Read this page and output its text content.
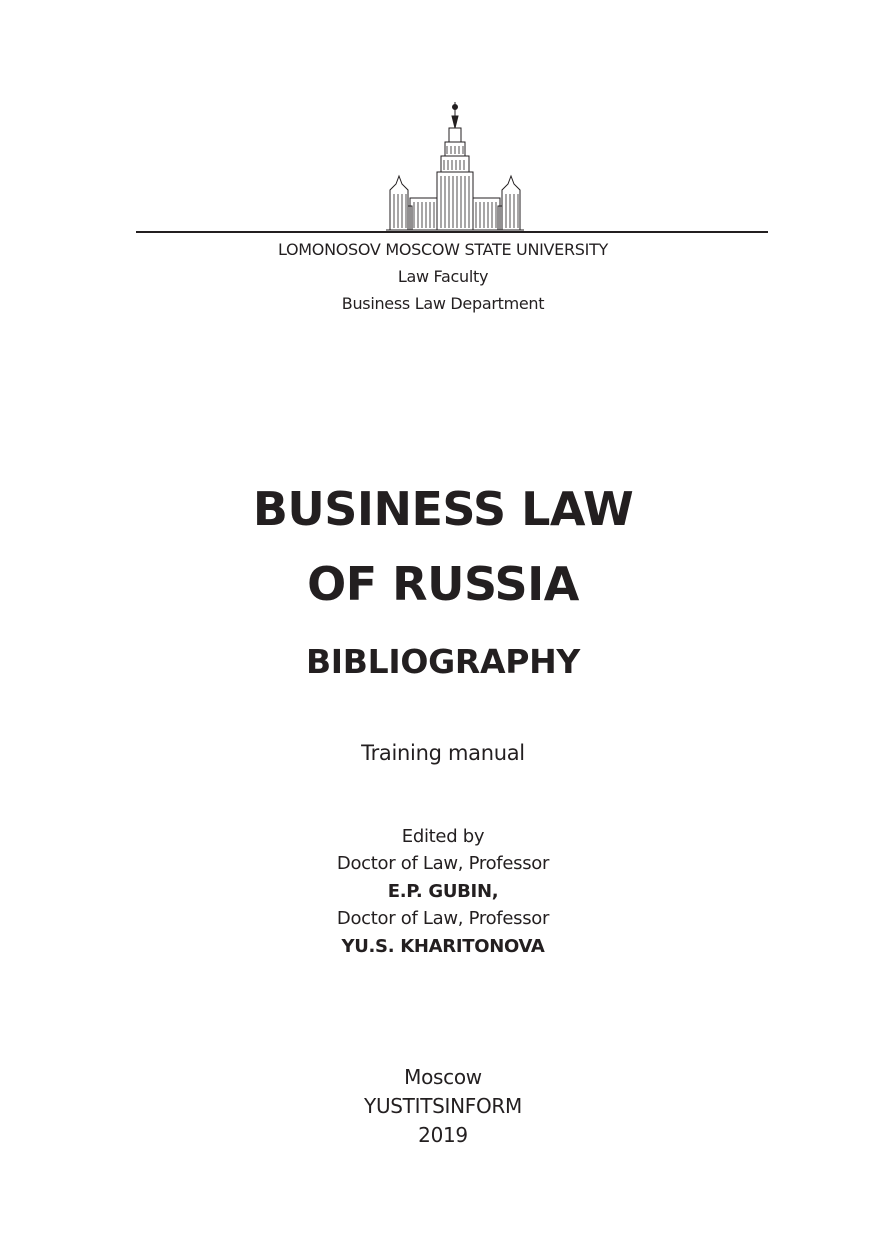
LOMONOSOV MOSCOW STATE UNIVERSITY
Law Faculty
Business Law Department
BUSINESS LAW
OF RUSSIA
BIBLIOGRAPHY
Training manual
Edited by
Doctor of Law, Professor
E.P. GUBIN,
Doctor of Law, Professor
YU.S. KHARITONOVA
Moscow
YUSTITSINFORM
2019
